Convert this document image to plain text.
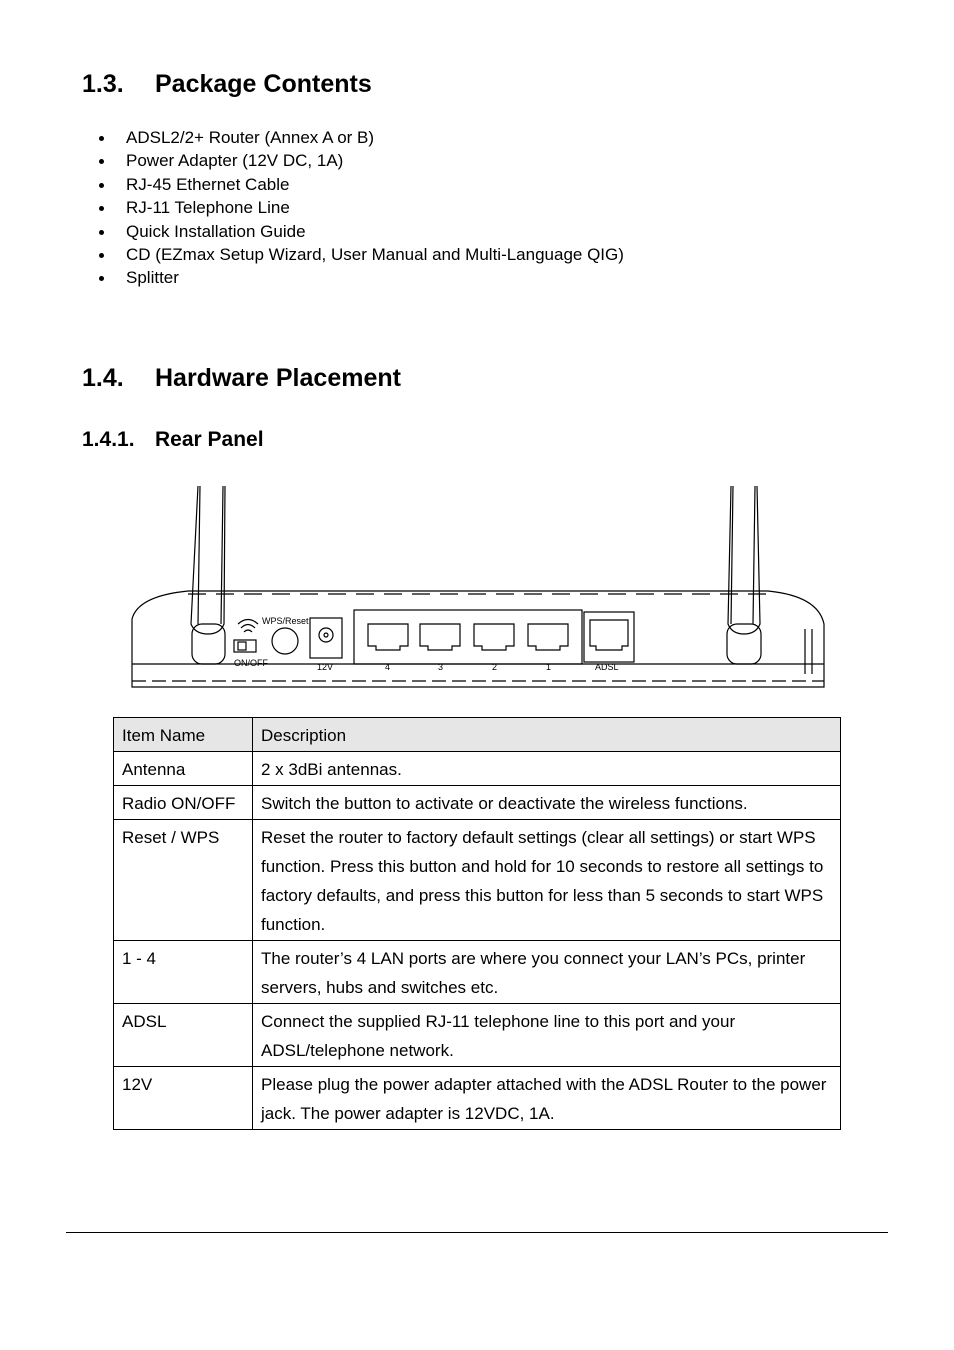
1.3. Package Contents
ADSL2/2+ Router (Annex A or B)
Power Adapter (12V DC, 1A)
RJ-45 Ethernet Cable
RJ-11 Telephone Line
Quick Installation Guide
CD (EZmax Setup Wizard, User Manual and Multi-Language QIG)
Splitter
1.4. Hardware Placement
1.4.1. Rear Panel
WPS/Reset
ON/OFF	12V	4	3	2	1	ADSL
Item Name	Description
Antenna	2 x 3dBi antennas.
Radio ON/OFF	Switch the button to activate or deactivate the wireless functions.
Reset / WPS	Reset the router to factory default settings (clear all settings) or start WPS function. Press this button and hold for 10 seconds to restore all settings to factory defaults, and press this button for less than 5 seconds to start WPS function.
1 - 4	The router’s 4 LAN ports are where you connect your LAN’s PCs, printer servers, hubs and switches etc.
ADSL	Connect the supplied RJ-11 telephone line to this port and your ADSL/telephone network.
12V	Please plug the power adapter attached with the ADSL Router to the power jack. The power adapter is 12VDC, 1A.
